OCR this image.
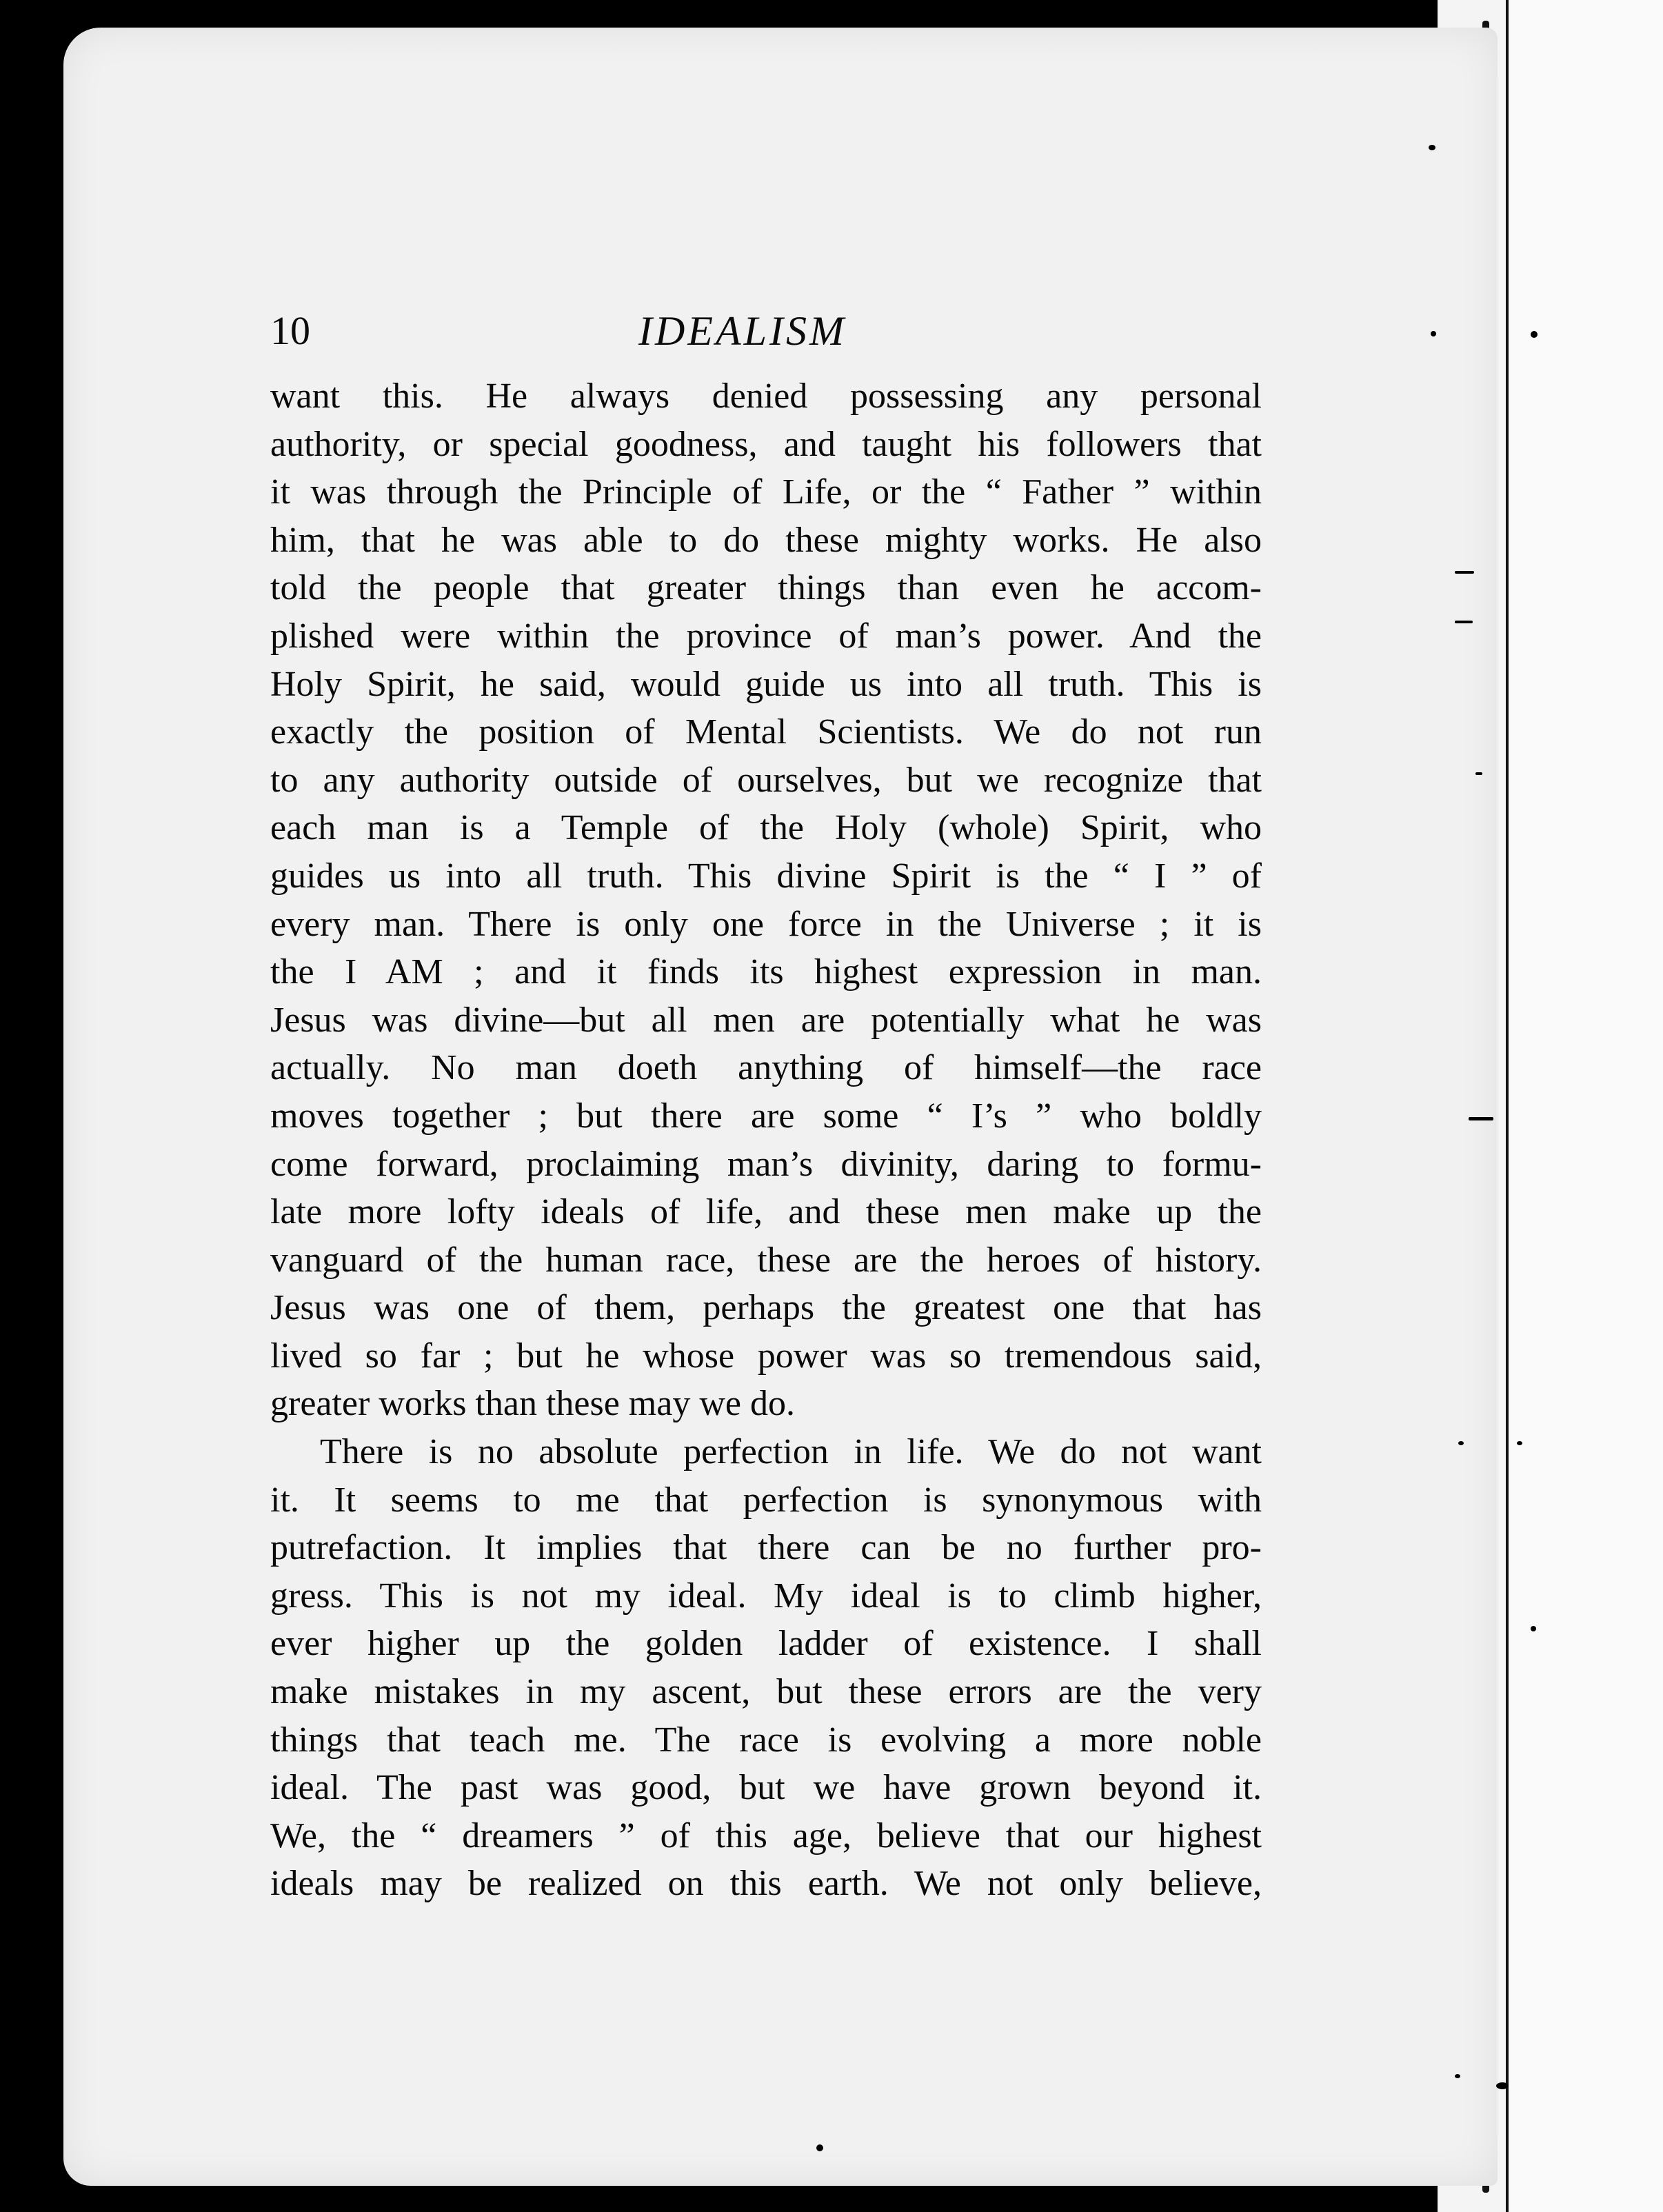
10	IDEALISM
want this. He always denied possessing any personal
authority, or special goodness, and taught his followers that
it was through the Principle of Life, or the “ Father ” within
him, that he was able to do these mighty works. He also
told the people that greater things than even he accom-
plished were within the province of man’s power. And the
Holy Spirit, he said, would guide us into all truth. This is
exactly the position of Mental Scientists. We do not run
to any authority outside of ourselves, but we recognize that
each man is a Temple of the Holy (whole) Spirit, who
guides us into all truth. This divine Spirit is the “ I ” of
every man. There is only one force in the Universe ; it is
the I AM ; and it finds its highest expression in man.
Jesus was divine—but all men are potentially what he was
actually. No man doeth anything of himself—the race
moves together ; but there are some “ I’s ” who boldly
come forward, proclaiming man’s divinity, daring to formu-
late more lofty ideals of life, and these men make up the
vanguard of the human race, these are the heroes of history.
Jesus was one of them, perhaps the greatest one that has
lived so far ; but he whose power was so tremendous said,
greater works than these may we do.
There is no absolute perfection in life. We do not want
it. It seems to me that perfection is synonymous with
putrefaction. It implies that there can be no further pro-
gress. This is not my ideal. My ideal is to climb higher,
ever higher up the golden ladder of existence. I shall
make mistakes in my ascent, but these errors are the very
things that teach me. The race is evolving a more noble
ideal. The past was good, but we have grown beyond it.
We, the “ dreamers ” of this age, believe that our highest
ideals may be realized on this earth. We not only believe,
